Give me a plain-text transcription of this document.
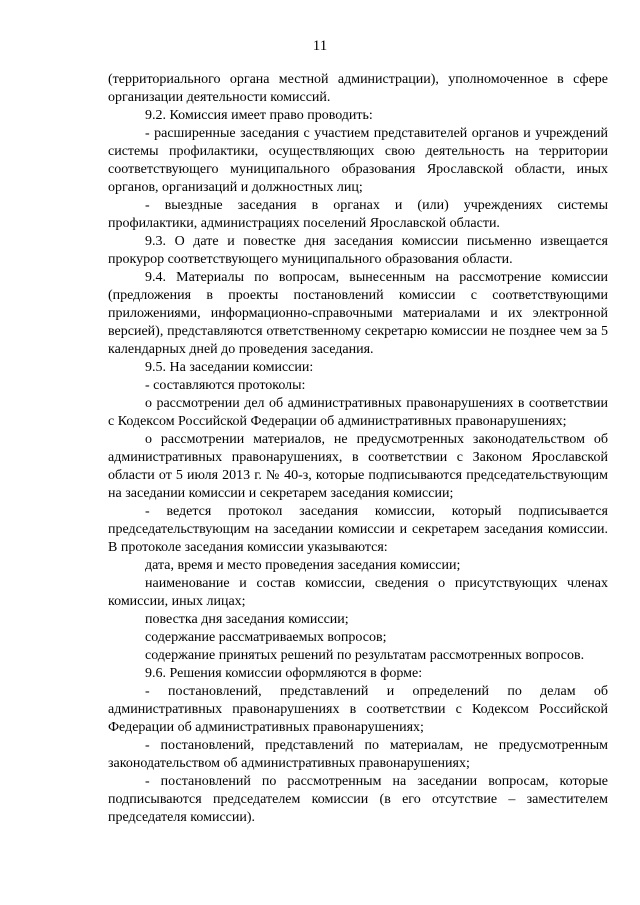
11

(территориального органа местной администрации), уполномоченное в сфере организации деятельности комиссий.

9.2. Комиссия имеет право проводить:

- расширенные заседания с участием представителей органов и учреждений системы профилактики, осуществляющих свою деятельность на территории соответствующего муниципального образования Ярославской области, иных органов, организаций и должностных лиц;

- выездные заседания в органах и (или) учреждениях системы профилактики, администрациях поселений Ярославской области.

9.3. О дате и повестке дня заседания комиссии письменно извещается прокурор соответствующего муниципального образования области.

9.4. Материалы по вопросам, вынесенным на рассмотрение комиссии (предложения в проекты постановлений комиссии с соответствующими приложениями, информационно-справочными материалами и их электронной версией), представляются ответственному секретарю комиссии не позднее чем за 5 календарных дней до проведения заседания.

9.5. На заседании комиссии:

- составляются протоколы:

о рассмотрении дел об административных правонарушениях в соответствии с Кодексом Российской Федерации об административных правонарушениях;

о рассмотрении материалов, не предусмотренных законодательством об административных правонарушениях, в соответствии с Законом Ярославской области от 5 июля 2013 г. № 40-з, которые подписываются председательствующим на заседании комиссии и секретарем заседания комиссии;

- ведется протокол заседания комиссии, который подписывается председательствующим на заседании комиссии и секретарем заседания комиссии. В протоколе заседания комиссии указываются:

дата, время и место проведения заседания комиссии;

наименование и состав комиссии, сведения о присутствующих членах комиссии, иных лицах;

повестка дня заседания комиссии;

содержание рассматриваемых вопросов;

содержание принятых решений по результатам рассмотренных вопросов.

9.6. Решения комиссии оформляются в форме:

- постановлений, представлений и определений по делам об административных правонарушениях в соответствии с Кодексом Российской Федерации об административных правонарушениях;

- постановлений, представлений по материалам, не предусмотренным законодательством об административных правонарушениях;

- постановлений по рассмотренным на заседании вопросам, которые подписываются председателем комиссии (в его отсутствие – заместителем председателя комиссии).
